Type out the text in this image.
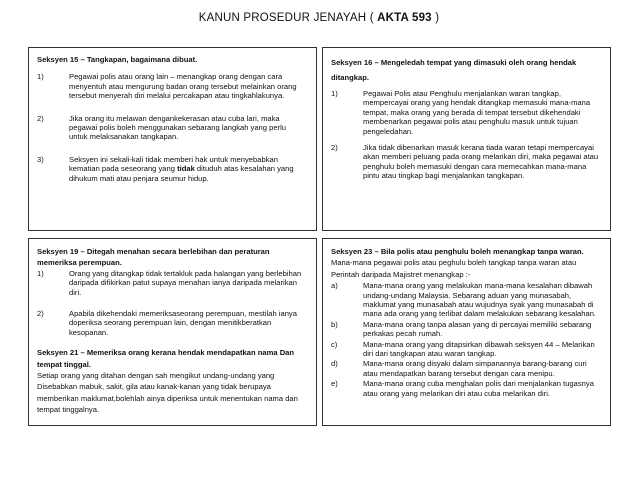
KANUN PROSEDUR JENAYAH ( AKTA 593 )
Seksyen 15 – Tangkapan, bagaimana dibuat.
1)	Pegawai polis atau orang lain – menangkap orang dengan cara menyentuh atau mengurung badan orang tersebut melainkan orang tersebut menyerah diri melalui percakapan atau tingkahlakunya.
2)	Jika orang itu melawan dengankekerasan atau cuba lari, maka pegawai polis boleh menggunakan sebarang langkah yang perlu untuk melaksanakan tangkapan.
3)	Seksyen ini sekali-kali tidak memberi hak untuk menyebabkan kematian pada seseorang yang tidak dituduh atas kesalahan yang dihukum mati atau penjara seumur hidup.
Seksyen 16 – Mengeledah tempat yang dimasuki oleh orang hendak ditangkap.
1)	Pegawai Polis atau Penghulu menjalankan waran tangkap, mempercayai orang yang hendak ditangkap memasuki mana-mana tempat, maka orang yang berada di tempat tersebut dikehendaki membenarkan pegawai polis atau penghulu masuk untuk tujuan pengeledahan.
2)	Jika tidak dibenarkan masuk kerana tiada waran tetapi mempercayai akan memberi peluang pada orang melarikan diri, maka pegawai atau penghulu boleh memasuki dengan cara memecahkan mana-mana pintu atau tingkap bagi menjalankan tangkapan.
Seksyen 19 – Ditegah menahan secara berlebihan dan peraturan memeriksa perempuan.
1)	Orang yang ditangkap tidak tertakluk pada halangan yang berlebihan daripada difikirkan patut supaya menahan ianya daripada melarikan diri.
2)	Apabila dikehendaki memeriksaseorang perempuan, mestilah ianya doperiksa seorang perempuan lain, dengan menitikberatkan kesopanan.
Seksyen 21 – Memeriksa orang kerana hendak mendapatkan nama Dan tempat tinggal.
Setiap orang yang ditahan dengan sah mengikut undang-undang yang Disebabkan mabuk, sakit, gila atau kanak-kanan yang tidak berupaya memberikan maklumat,bolehlah ainya diperiksa untuk menentukan nama dan tempat tinggalnya.
Seksyen 23 – Bila polis atau penghulu boleh menangkap tanpa waran.
Mana-mana pegawai polis atau peghulu boleh tangkap tanpa waran atau
Perintah daripada Majistret menangkap :-
a)	Mana-mana orang yang melakukan mana-mana kesalahan dibawah undang-undang Malaysia. Sebarang aduan yang munasabah, maklumat yang munasabah atau wujudnya syak yang munasabah di mana ada orang yang terlibat dalam melakukan sebarang kesalahan.
b)	Mana-mana orang tanpa alasan yang di percayai memiliki sebarang perkakas pecah rumah.
c)	Mana-mana orang yang ditapsirkan dibawah seksyen 44 – Melarikan diri dari tangkapan atau waran tangkap.
d)	Mana-mana orang disyaki dalam simpanannya barang-barang curi atau mendapatkan barang tersebut dengan cara menipu.
e)	Mana-mana orang cuba menghalan polis dari menjalankan tugasnya atau orang yang melarikan diri atau cuba melarikan diri.
